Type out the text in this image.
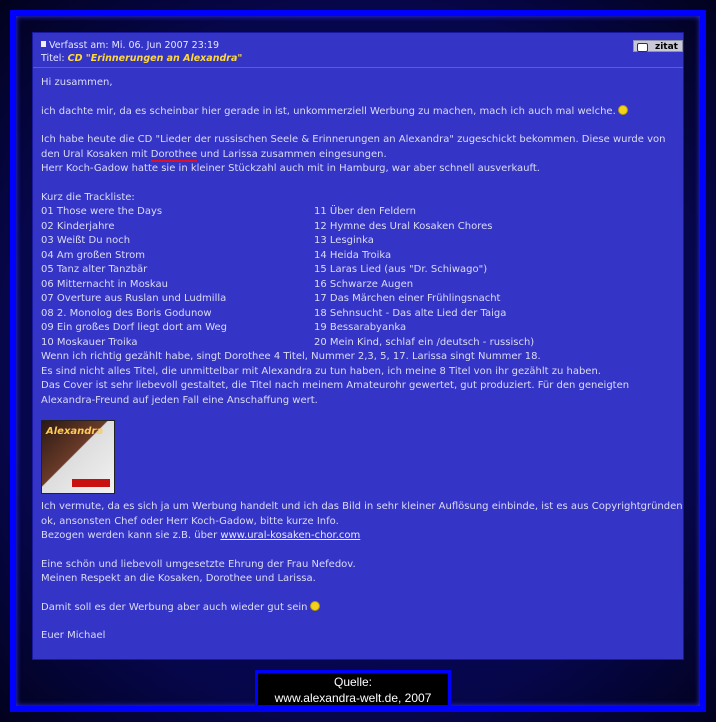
Verfasst am: Mi. 06. Jun 2007 23:19
Titel: CD "Erinnerungen an Alexandra"
zitat

Hi zusammen,

ich dachte mir, da es scheinbar hier gerade in ist, unkommerziell Werbung zu machen, mach ich auch mal welche.

Ich habe heute die CD "Lieder der russischen Seele & Erinnerungen an Alexandra" zugeschickt bekommen. Diese wurde von den Ural Kosaken mit Dorothee und Larissa zusammen eingesungen.
Herr Koch-Gadow hatte sie in kleiner Stückzahl auch mit in Hamburg, war aber schnell ausverkauft.

Kurz die Trackliste:

01 Those were the Days
02 Kinderjahre
03 Weißt Du noch
04 Am großen Strom
05 Tanz alter Tanzbär
06 Mitternacht in Moskau
07 Overture aus Ruslan und Ludmilla
08 2. Monolog des Boris Godunow
09 Ein großes Dorf liegt dort am Weg
10 Moskauer Troika
11 Über den Feldern
12 Hymne des Ural Kosaken Chores
13 Lesginka
14 Heida Troika
15 Laras Lied (aus "Dr. Schiwago")
16 Schwarze Augen
17 Das Märchen einer Frühlingsnacht
18 Sehnsucht - Das alte Lied der Taiga
19 Bessarabyanka
20 Mein Kind, schlaf ein /deutsch - russisch)

Wenn ich richtig gezählt habe, singt Dorothee 4 Titel, Nummer 2,3, 5, 17. Larissa singt Nummer 18.
Es sind nicht alles Titel, die unmittelbar mit Alexandra zu tun haben, ich meine 8 Titel von ihr gezählt zu haben.
Das Cover ist sehr liebevoll gestaltet, die Titel nach meinem Amateurohr gewertet, gut produziert. Für den geneigten Alexandra-Freund auf jeden Fall eine Anschaffung wert.

Alexandra

Ich vermute, da es sich ja um Werbung handelt und ich das Bild in sehr kleiner Auflösung einbinde, ist es aus Copyrightgründen ok, ansonsten Chef oder Herr Koch-Gadow, bitte kurze Info.
Bezogen werden kann sie z.B. über www.ural-kosaken-chor.com

Eine schön und liebevoll umgesetzte Ehrung der Frau Nefedov.
Meinen Respekt an die Kosaken, Dorothee und Larissa.

Damit soll es der Werbung aber auch wieder gut sein

Euer Michael

Quelle:
www.alexandra-welt.de, 2007
